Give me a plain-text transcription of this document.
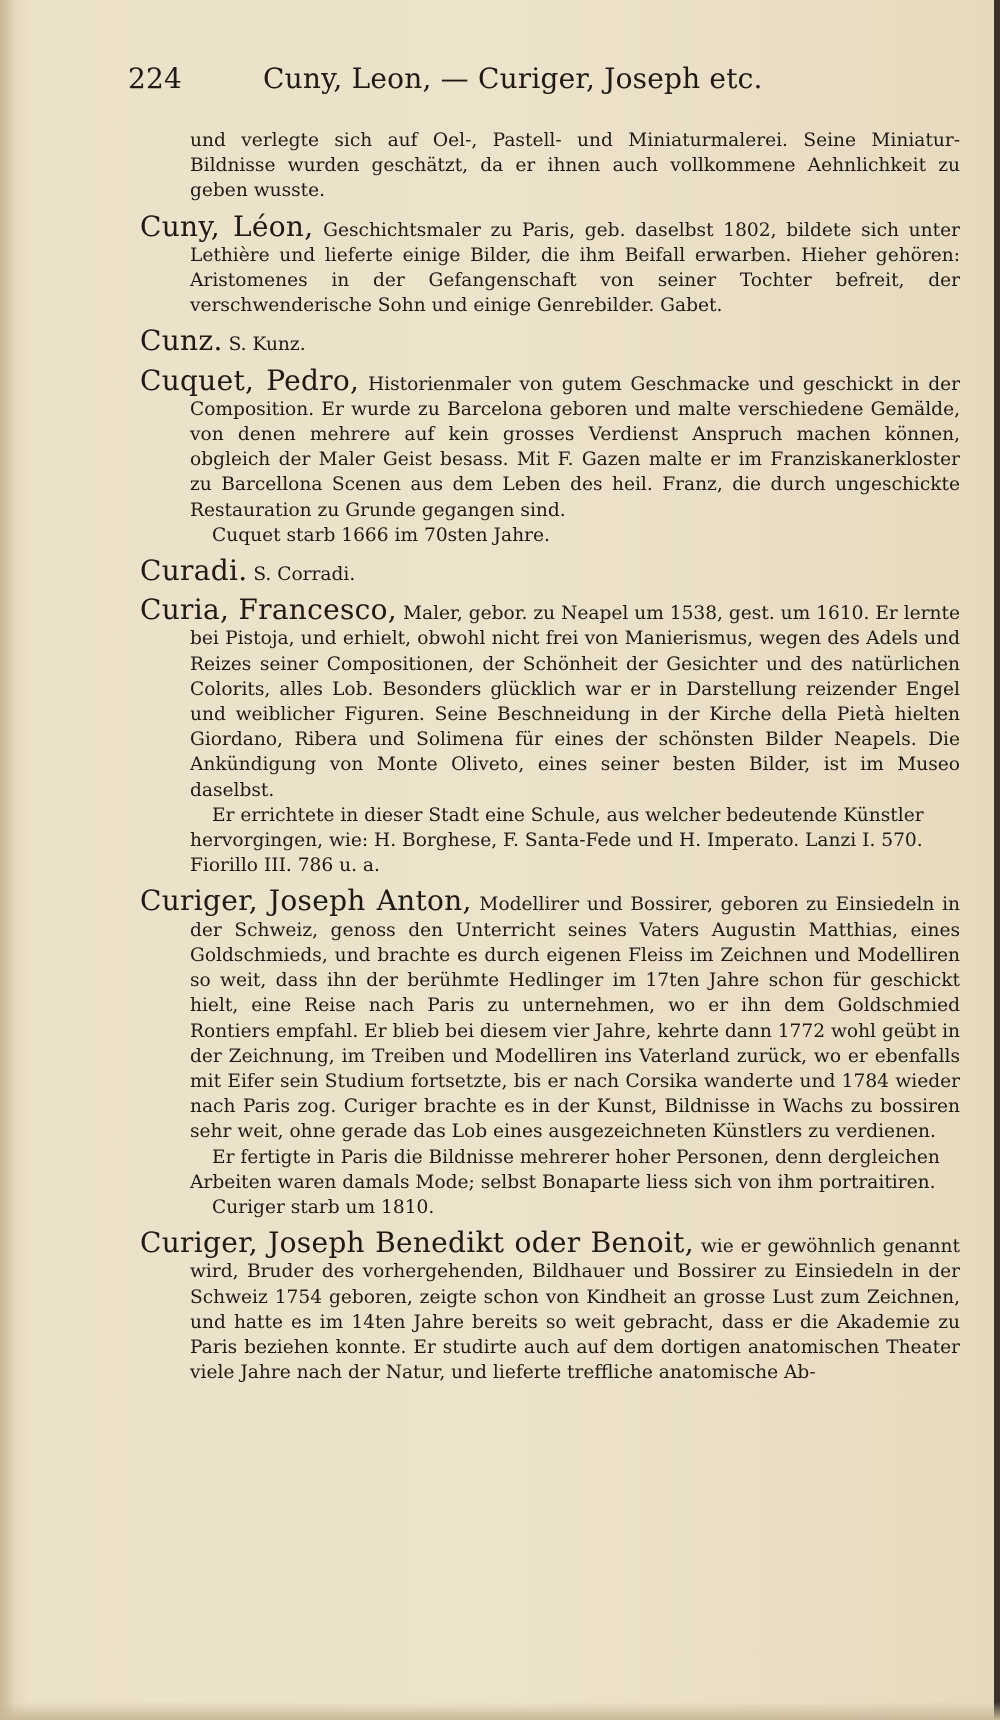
224	Cuny, Leon, — Curiger, Joseph etc.

und verlegte sich auf Oel-, Pastell- und Miniaturmalerei. Seine Miniatur-Bildnisse wurden geschätzt, da er ihnen auch vollkommene Aehnlichkeit zu geben wusste.

Cuny, Léon, Geschichtsmaler zu Paris, geb. daselbst 1802, bildete sich unter Lethière und lieferte einige Bilder, die ihm Beifall erwarben. Hieher gehören: Aristomenes in der Gefangenschaft von seiner Tochter befreit, der verschwenderische Sohn und einige Genrebilder. Gabet.

Cunz. S. Kunz.

Cuquet, Pedro, Historienmaler von gutem Geschmacke und geschickt in der Composition. Er wurde zu Barcelona geboren und malte verschiedene Gemälde, von denen mehrere auf kein grosses Verdienst Anspruch machen können, obgleich der Maler Geist besass. Mit F. Gazen malte er im Franziskanerkloster zu Barcellona Scenen aus dem Leben des heil. Franz, die durch ungeschickte Restauration zu Grunde gegangen sind.

Cuquet starb 1666 im 70sten Jahre.

Curadi. S. Corradi.

Curia, Francesco, Maler, gebor. zu Neapel um 1538, gest. um 1610. Er lernte bei Pistoja, und erhielt, obwohl nicht frei von Manierismus, wegen des Adels und Reizes seiner Compositionen, der Schönheit der Gesichter und des natürlichen Colorits, alles Lob. Besonders glücklich war er in Darstellung reizender Engel und weiblicher Figuren. Seine Beschneidung in der Kirche della Pietà hielten Giordano, Ribera und Solimena für eines der schönsten Bilder Neapels. Die Ankündigung von Monte Oliveto, eines seiner besten Bilder, ist im Museo daselbst.

Er errichtete in dieser Stadt eine Schule, aus welcher bedeutende Künstler hervorgingen, wie: H. Borghese, F. Santa-Fede und H. Imperato. Lanzi I. 570. Fiorillo III. 786 u. a.

Curiger, Joseph Anton, Modellirer und Bossirer, geboren zu Einsiedeln in der Schweiz, genoss den Unterricht seines Vaters Augustin Matthias, eines Goldschmieds, und brachte es durch eigenen Fleiss im Zeichnen und Modelliren so weit, dass ihn der berühmte Hedlinger im 17ten Jahre schon für geschickt hielt, eine Reise nach Paris zu unternehmen, wo er ihn dem Goldschmied Rontiers empfahl. Er blieb bei diesem vier Jahre, kehrte dann 1772 wohl geübt in der Zeichnung, im Treiben und Modelliren ins Vaterland zurück, wo er ebenfalls mit Eifer sein Studium fortsetzte, bis er nach Corsika wanderte und 1784 wieder nach Paris zog. Curiger brachte es in der Kunst, Bildnisse in Wachs zu bossiren sehr weit, ohne gerade das Lob eines ausgezeichneten Künstlers zu verdienen.

Er fertigte in Paris die Bildnisse mehrerer hoher Personen, denn dergleichen Arbeiten waren damals Mode; selbst Bonaparte liess sich von ihm portraitiren.

Curiger starb um 1810.

Curiger, Joseph Benedikt oder Benoit, wie er gewöhnlich genannt wird, Bruder des vorhergehenden, Bildhauer und Bossirer zu Einsiedeln in der Schweiz 1754 geboren, zeigte schon von Kindheit an grosse Lust zum Zeichnen, und hatte es im 14ten Jahre bereits so weit gebracht, dass er die Akademie zu Paris beziehen konnte. Er studirte auch auf dem dortigen anatomischen Theater viele Jahre nach der Natur, und lieferte treffliche anatomische Ab-
